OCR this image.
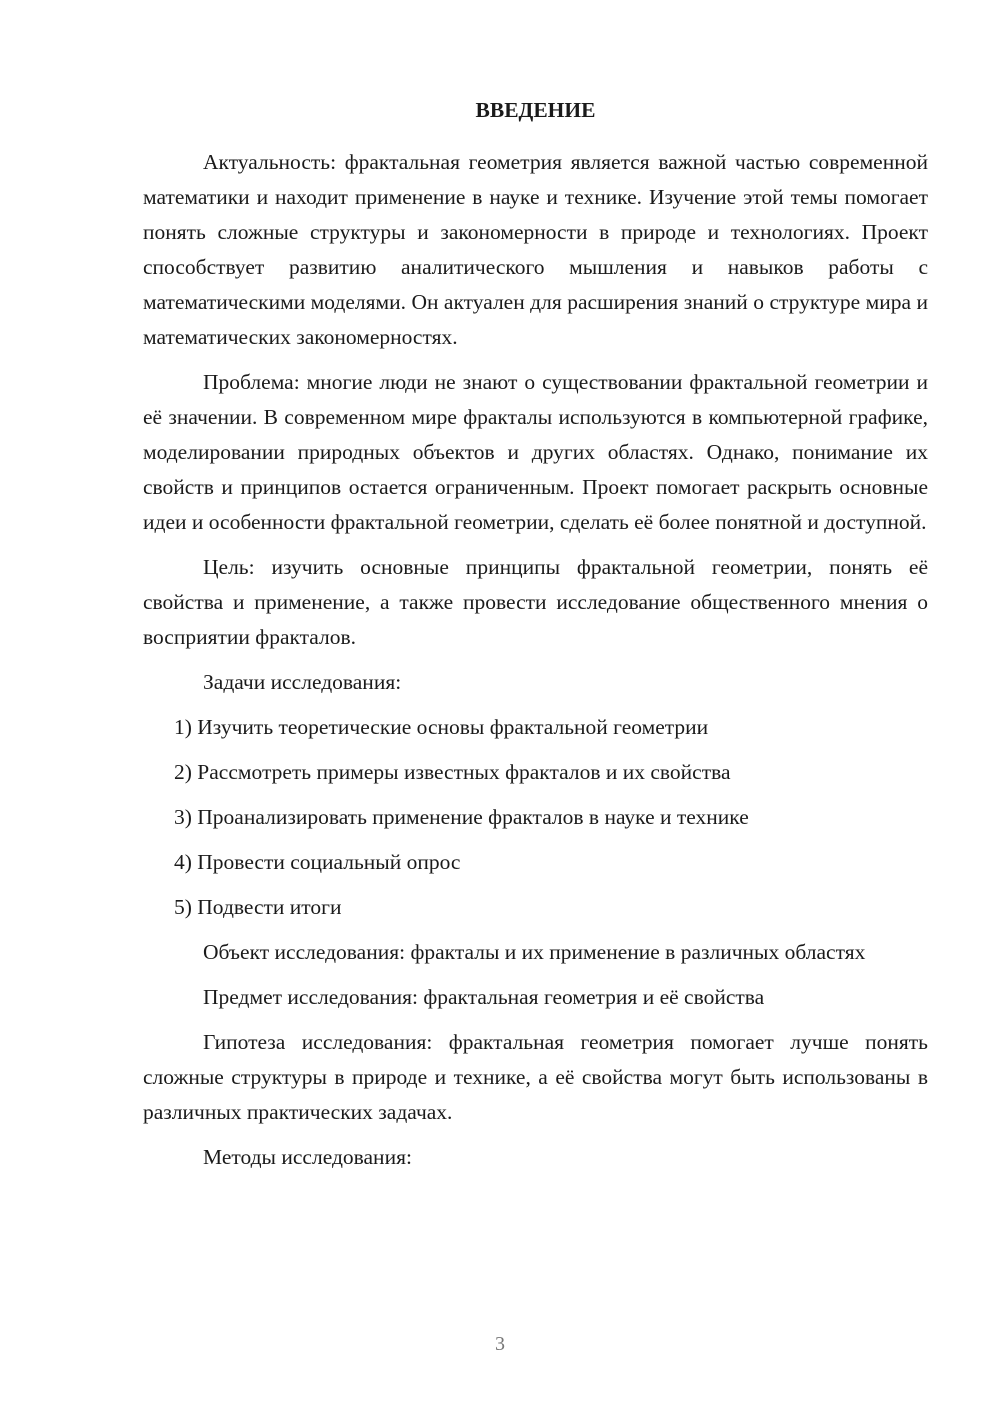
ВВЕДЕНИЕ

Актуальность: фрактальная геометрия является важной частью современной математики и находит применение в науке и технике. Изучение этой темы помогает понять сложные структуры и закономерности в природе и технологиях. Проект способствует развитию аналитического мышления и навыков работы с математическими моделями. Он актуален для расширения знаний о структуре мира и математических закономерностях.

Проблема: многие люди не знают о существовании фрактальной геометрии и её значении. В современном мире фракталы используются в компьютерной графике, моделировании природных объектов и других областях. Однако, понимание их свойств и принципов остается ограниченным. Проект помогает раскрыть основные идеи и особенности фрактальной геометрии, сделать её более понятной и доступной.

Цель: изучить основные принципы фрактальной геометрии, понять её свойства и применение, а также провести исследование общественного мнения о восприятии фракталов.

Задачи исследования:

1) Изучить теоретические основы фрактальной геометрии

2) Рассмотреть примеры известных фракталов и их свойства

3) Проанализировать применение фракталов в науке и технике

4) Провести социальный опрос

5) Подвести итоги

Объект исследования: фракталы и их применение в различных областях

Предмет исследования: фрактальная геометрия и её свойства

Гипотеза исследования: фрактальная геометрия помогает лучше понять сложные структуры в природе и технике, а её свойства могут быть использованы в различных практических задачах.

Методы исследования:

3
